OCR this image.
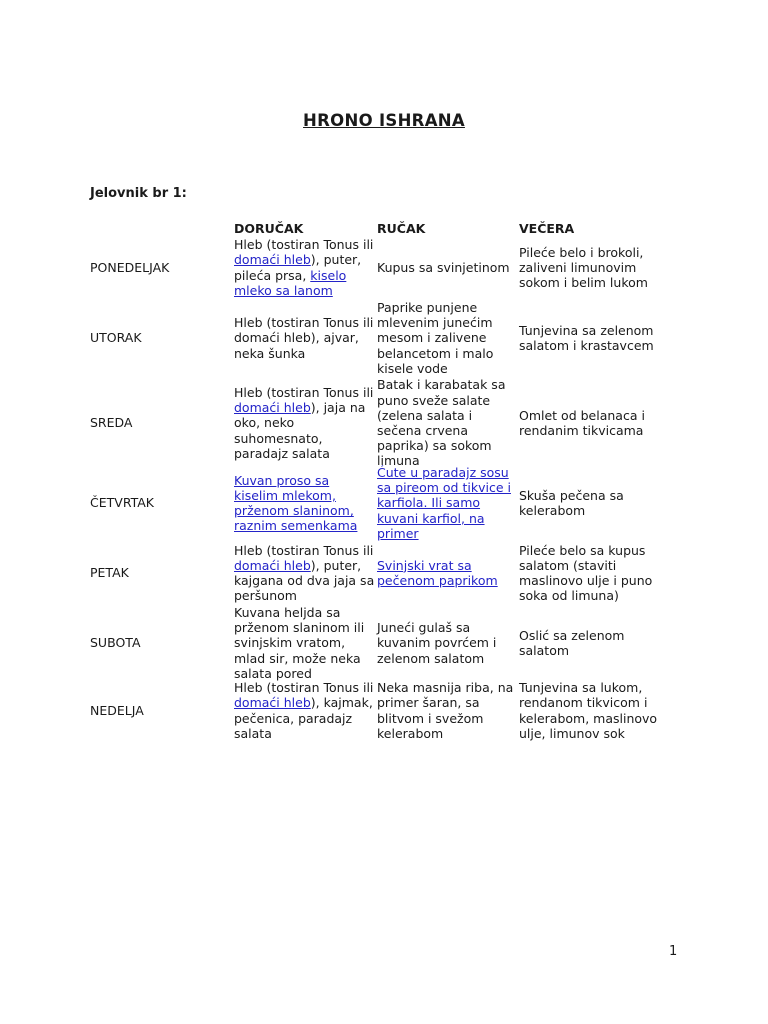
HRONO ISHRANA
Jelovnik br 1:
DORUČAK	RUČAK	VEČERA
PONEDELJAK
Hleb (tostiran Tonus ili domaći hleb), puter, pileća prsa, kiselo mleko sa lanom
Kupus sa svinjetinom
Pileće belo i brokoli, zaliveni limunovim sokom i belim lukom
UTORAK
Hleb (tostiran Tonus ili domaći hleb), ajvar, neka šunka
Paprike punjene mlevenim junećim mesom i zalivene belancetom i malo kisele vode
Tunjevina sa zelenom salatom i krastavcem
SREDA
Hleb (tostiran Tonus ili domaći hleb), jaja na oko, neko suhomesnato, paradajz salata
Batak i karabatak sa puno sveže salate (zelena salata i sečena crvena paprika) sa sokom limuna
Omlet od belanaca i rendanim tikvicama
ČETVRTAK
Kuvan proso sa kiselim mlekom, prženom slaninom, raznim semenkama
Ćute u paradajz sosu sa pireom od tikvice i karfiola. Ili samo kuvani karfiol, na primer
Skuša pečena sa kelerabom
PETAK
Hleb (tostiran Tonus ili domaći hleb), puter, kajgana od dva jaja sa peršunom
Svinjski vrat sa pečenom paprikom
Pileće belo sa kupus salatom (staviti maslinovo ulje i puno soka od limuna)
SUBOTA
Kuvana heljda sa prženom slaninom ili svinjskim vratom, mlad sir, može neka salata pored
Juneći gulaš sa kuvanim povrćem i zelenom salatom
Oslić sa zelenom salatom
NEDELJA
Hleb (tostiran Tonus ili domaći hleb), kajmak, pečenica, paradajz salata
Neka masnija riba, na primer šaran, sa blitvom i svežom kelerabom
Tunjevina sa lukom, rendanom tikvicom i kelerabom, maslinovo ulje, limunov sok
1
